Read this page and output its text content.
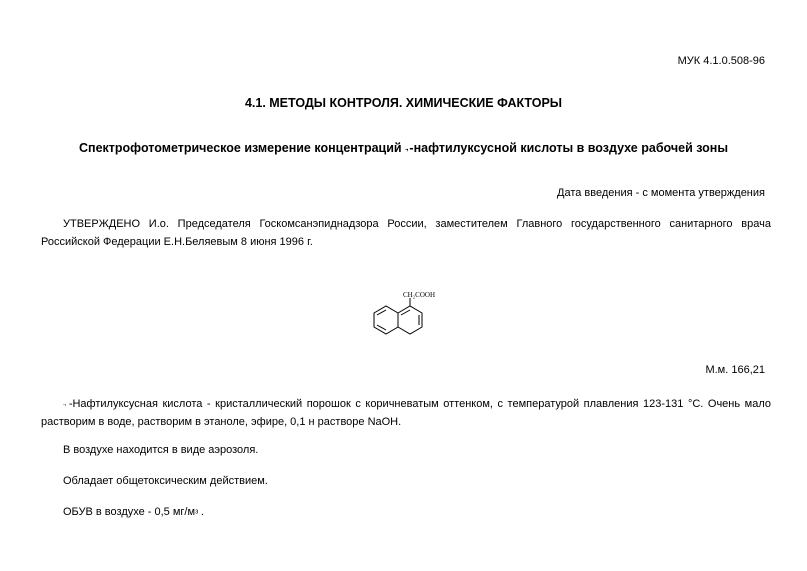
МУК 4.1.0.508-96
4.1. МЕТОДЫ КОНТРОЛЯ. ХИМИЧЕСКИЕ ФАКТОРЫ
Спектрофотометрическое измерение концентраций ., -нафтилуксусной кислоты в воздухе рабочей зоны
Дата введения - с момента утверждения
УТВЕРЖДЕНО И.о. Председателя Госкомсанэпиднадзора России, заместителем Главного государственного санитарного врача Российской Федерации Е.Н.Беляевым 8 июня 1996 г.
CH₂COOH
М.м. 166,21
., -Нафтилуксусная кислота - кристаллический порошок с коричневатым оттенком, с температурой плавления 123-131 °С. Очень мало растворим в воде, растворим в этаноле, эфире, 0,1 н растворе NaOH.
В воздухе находится в виде аэрозоля.
Обладает общетоксическим действием.
ОБУВ в воздухе - 0,5 мг/мз .
